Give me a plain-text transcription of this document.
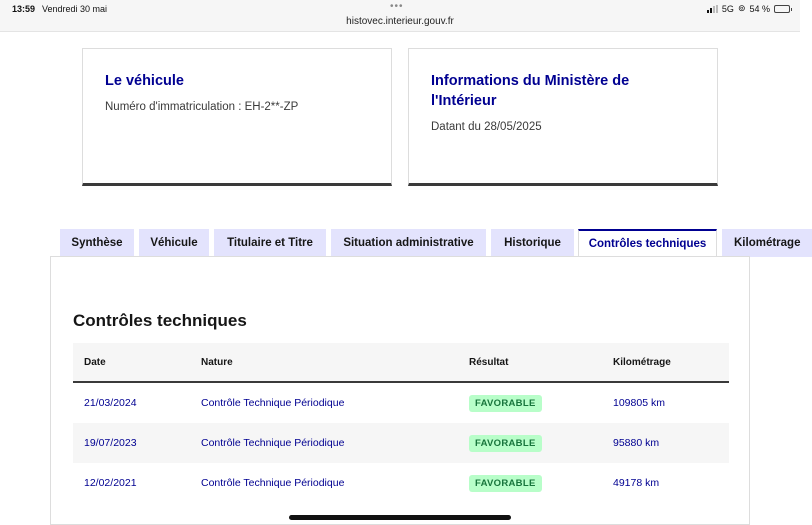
13:59 Vendredi 30 mai	•••
histovec.interieur.gouv.fr
5G ⊚ 54 %
Le véhicule
Numéro d'immatriculation : EH-2**-ZP
Informations du Ministère de
l'Intérieur
Datant du 28/05/2025
Synthèse	Véhicule	Titulaire et Titre	Situation administrative	Historique	Contrôles techniques	Kilométrage
Contrôles techniques
Date	Nature	Résultat	Kilométrage
21/03/2024	Contrôle Technique Périodique	FAVORABLE	109805 km
19/07/2023	Contrôle Technique Périodique	FAVORABLE	95880 km
12/02/2021	Contrôle Technique Périodique	FAVORABLE	49178 km
